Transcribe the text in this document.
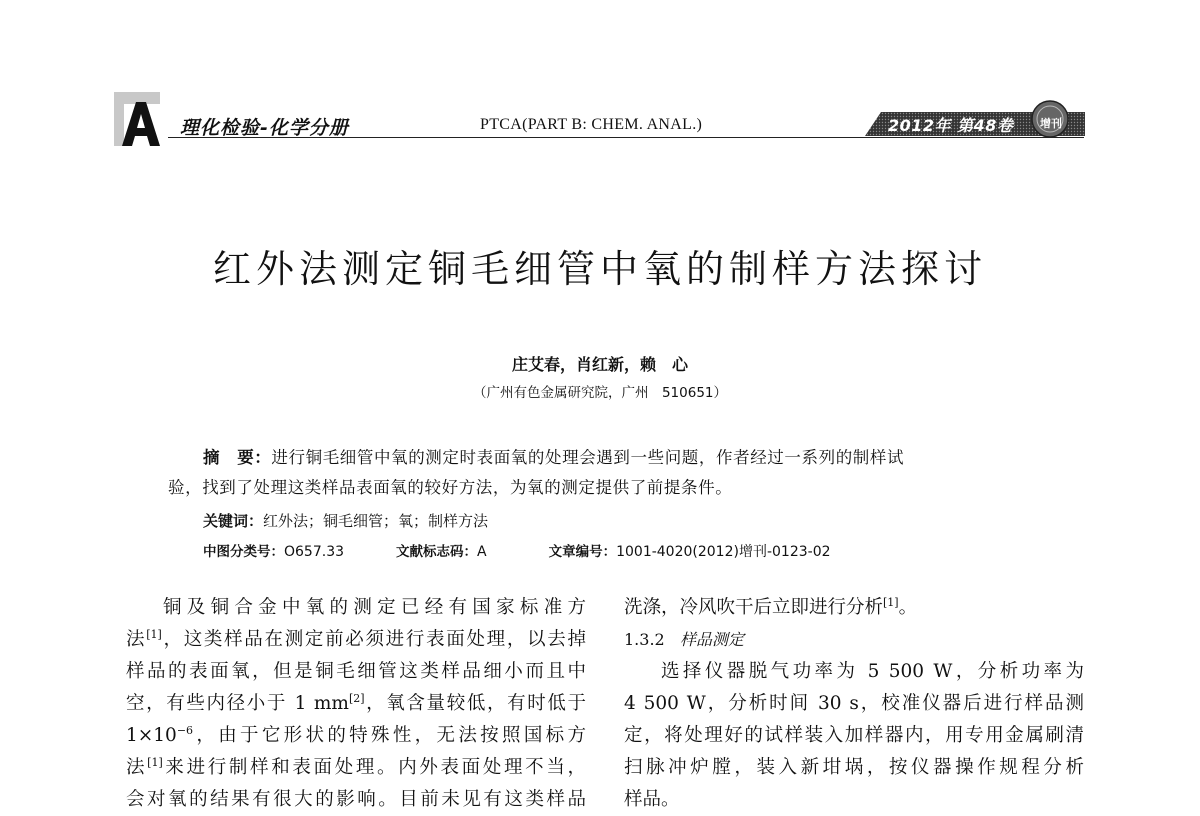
理化检验-化学分册	PTCA(PART B: CHEM. ANAL.)	2012年 第48卷 增刊
红外法测定铜毛细管中氧的制样方法探讨
庄艾春，肖红新，赖　心
（广州有色金属研究院，广州　510651）
摘　要：进行铜毛细管中氧的测定时表面氧的处理会遇到一些问题，作者经过一系列的制样试
验，找到了处理这类样品表面氧的较好方法，为氧的测定提供了前提条件。
关键词：红外法；铜毛细管；氧；制样方法
中图分类号：O657.33	文献标志码：A	文章编号：1001-4020(2012)增刊-0123-02
铜及铜合金中氧的测定已经有国家标准方
法[1]，这类样品在测定前必须进行表面处理，以去掉
样品的表面氧，但是铜毛细管这类样品细小而且中
空，有些内径小于 1 mm[2]，氧含量较低，有时低于
$1\times 10^{-6}$，由于它形状的特殊性，无法按照国标方
法[1]来进行制样和表面处理。内外表面处理不当，
会对氧的结果有很大的影响。目前未见有这类样品
洗涤，冷风吹干后立即进行分析[1]。
1.3.2 样品测定
选择仪器脱气功率为 5 500 W，分析功率为
4 500 W，分析时间 30 s，校准仪器后进行样品测
定，将处理好的试样装入加样器内，用专用金属刷清
扫脉冲炉膛，装入新坩埚，按仪器操作规程分析
样品。
